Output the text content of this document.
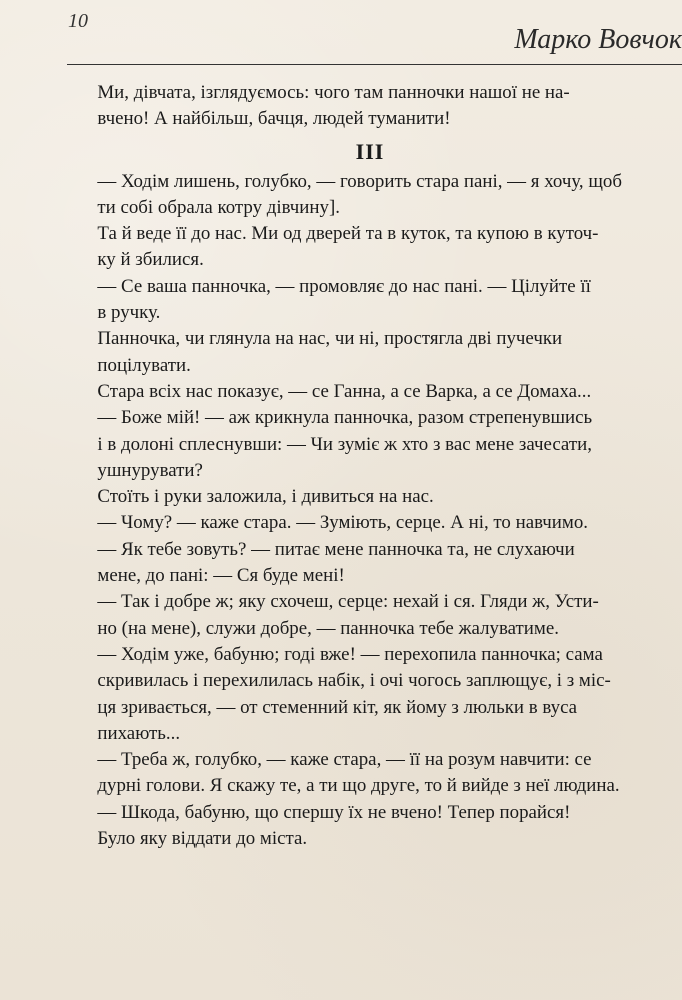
10
Марко Вовчок

Ми, дівчата, ізглядуємось: чого там панночки нашої не на-
вчено! А найбільш, бачця, людей туманити!

III

— Ходім лишень, голубко, — говорить стара пані, — я хочу, щоб
ти собі обрала котру дівчину].

Та й веде її до нас. Ми од дверей та в куток, та купою в куточ-
ку й збилися.

— Се ваша панночка, — промовляє до нас пані. — Цілуйте її
в ручку.

Панночка, чи глянула на нас, чи ні, простягла дві пучечки
поцілувати.

Стара всіх нас показує, — се Ганна, а се Варка, а се Домаха...

— Боже мій! — аж крикнула панночка, разом стрепенувшись
і в долоні сплеснувши: — Чи зуміє ж хто з вас мене зачесати,
ушнурувати?

Стоїть і руки заложила, і дивиться на нас.

— Чому? — каже стара. — Зуміють, серце. А ні, то навчимо.

— Як тебе зовуть? — питає мене панночка та, не слухаючи
мене, до пані: — Ся буде мені!

— Так і добре ж; яку схочеш, серце: нехай і ся. Гляди ж, Усти-
но (на мене), служи добре, — панночка тебе жалуватиме.

— Ходім уже, бабуню; годі вже! — перехопила панночка; сама
скривилась і перехилилась набік, і очі чогось заплющує, і з міс-
ця зривається, — от стеменний кіт, як йому з люльки в вуса
пихають...

— Треба ж, голубко, — каже стара, — її на розум навчити: се
дурні голови. Я скажу те, а ти що друге, то й вийде з неї людина.

— Шкода, бабуню, що спершу їх не вчено! Тепер порайся!
Було яку віддати до міста.
